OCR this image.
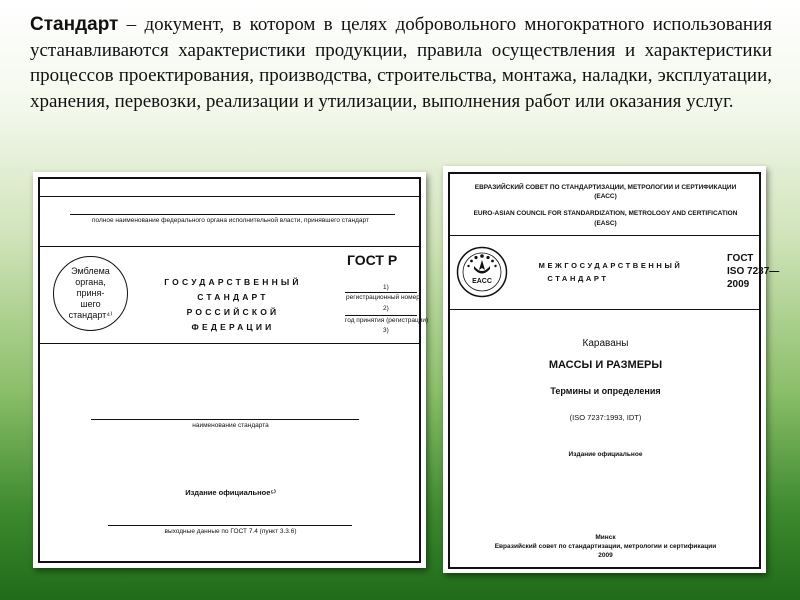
Стандарт – документ, в котором в целях добровольного многократного использования устанавливаются характеристики продукции, правила осуществления и характеристики процессов проектирования, производства, строительства, монтажа, наладки, эксплуатации, хранения, перевозки, реализации и утилизации, выполнения работ или оказания услуг.
полное наименование федерального органа исполнительной власти, принявшего стандарт
Эмблема
органа,
приня-
шего
стандарт⁴⁾
ГОСУДАРСТВЕННЫЙ
СТАНДАРТ
РОССИЙСКОЙ
ФЕДЕРАЦИИ
ГОСТ Р
1)
регистрационный номер
2)
год принятия (регистрации)
3)
наименование стандарта
Издание официальное⁵⁾
выходные данные по ГОСТ 7.4 (пункт 3.3.6)
ЕВРАЗИЙСКИЙ СОВЕТ ПО СТАНДАРТИЗАЦИИ, МЕТРОЛОГИИ И СЕРТИФИКАЦИИ
(ЕАСС)
EURO-ASIAN COUNCIL FOR STANDARDIZATION, METROLOGY AND CERTIFICATION
(EASC)
EACC
МЕЖГОСУДАРСТВЕННЫЙ
СТАНДАРТ
ГОСТ
ISO 7237—
2009
Караваны
МАССЫ И РАЗМЕРЫ
Термины и определения
(ISO 7237:1993, IDT)
Издание официальное
Минск
Евразийский совет по стандартизации, метрологии и сертификации
2009
